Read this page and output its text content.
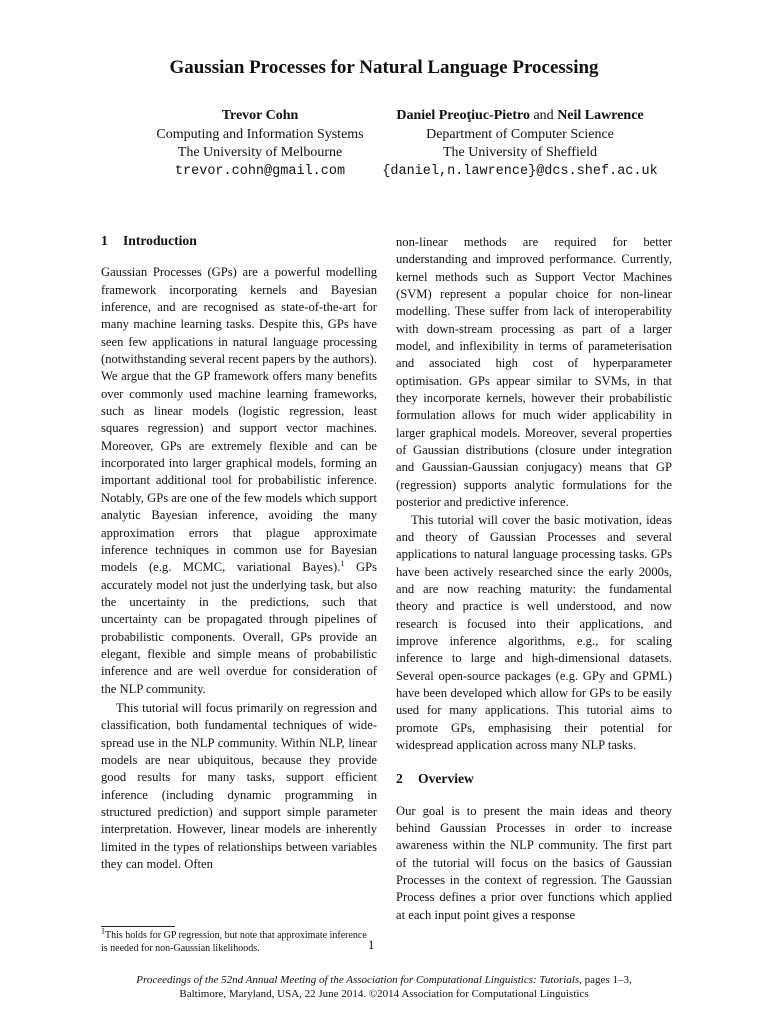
Gaussian Processes for Natural Language Processing
Trevor Cohn
Computing and Information Systems
The University of Melbourne
trevor.cohn@gmail.com
Daniel Preoţiuc-Pietro and Neil Lawrence
Department of Computer Science
The University of Sheffield
{daniel,n.lawrence}@dcs.shef.ac.uk
1 Introduction

Gaussian Processes (GPs) are a powerful modelling framework incorporating kernels and Bayesian inference, and are recognised as state-of-the-art for many machine learning tasks. Despite this, GPs have seen few applications in natural language processing (notwithstanding several recent papers by the authors). We argue that the GP framework offers many benefits over commonly used machine learning frameworks, such as linear models (logistic regression, least squares regression) and support vector machines. Moreover, GPs are extremely flexible and can be incorporated into larger graphical models, forming an important additional tool for probabilistic inference. Notably, GPs are one of the few models which support analytic Bayesian inference, avoiding the many approximation errors that plague approximate inference techniques in common use for Bayesian models (e.g. MCMC, variational Bayes).$^1$ GPs accurately model not just the underlying task, but also the uncertainty in the predictions, such that uncertainty can be propagated through pipelines of probabilistic components. Overall, GPs provide an elegant, flexible and simple means of probabilistic inference and are well overdue for consideration of the NLP community.

This tutorial will focus primarily on regression and classification, both fundamental techniques of wide-spread use in the NLP community. Within NLP, linear models are near ubiquitous, because they provide good results for many tasks, support efficient inference (including dynamic programming in structured prediction) and support simple parameter interpretation. However, linear models are inherently limited in the types of relationships between variables they can model. Often

non-linear methods are required for better understanding and improved performance. Currently, kernel methods such as Support Vector Machines (SVM) represent a popular choice for non-linear modelling. These suffer from lack of interoperability with down-stream processing as part of a larger model, and inflexibility in terms of parameterisation and associated high cost of hyperparameter optimisation. GPs appear similar to SVMs, in that they incorporate kernels, however their probabilistic formulation allows for much wider applicability in larger graphical models. Moreover, several properties of Gaussian distributions (closure under integration and Gaussian-Gaussian conjugacy) means that GP (regression) supports analytic formulations for the posterior and predictive inference.

This tutorial will cover the basic motivation, ideas and theory of Gaussian Processes and several applications to natural language processing tasks. GPs have been actively researched since the early 2000s, and are now reaching maturity: the fundamental theory and practice is well understood, and now research is focused into their applications, and improve inference algorithms, e.g., for scaling inference to large and high-dimensional datasets. Several open-source packages (e.g. GPy and GPML) have been developed which allow for GPs to be easily used for many applications. This tutorial aims to promote GPs, emphasising their potential for widespread application across many NLP tasks.

2 Overview

Our goal is to present the main ideas and theory behind Gaussian Processes in order to increase awareness within the NLP community. The first part of the tutorial will focus on the basics of Gaussian Processes in the context of regression. The Gaussian Process defines a prior over functions which applied at each input point gives a response

$^1$This holds for GP regression, but note that approximate inference is needed for non-Gaussian likelihoods.	1
Proceedings of the 52nd Annual Meeting of the Association for Computational Linguistics: Tutorials, pages 1–3,
Baltimore, Maryland, USA, 22 June 2014. ©2014 Association for Computational Linguistics
